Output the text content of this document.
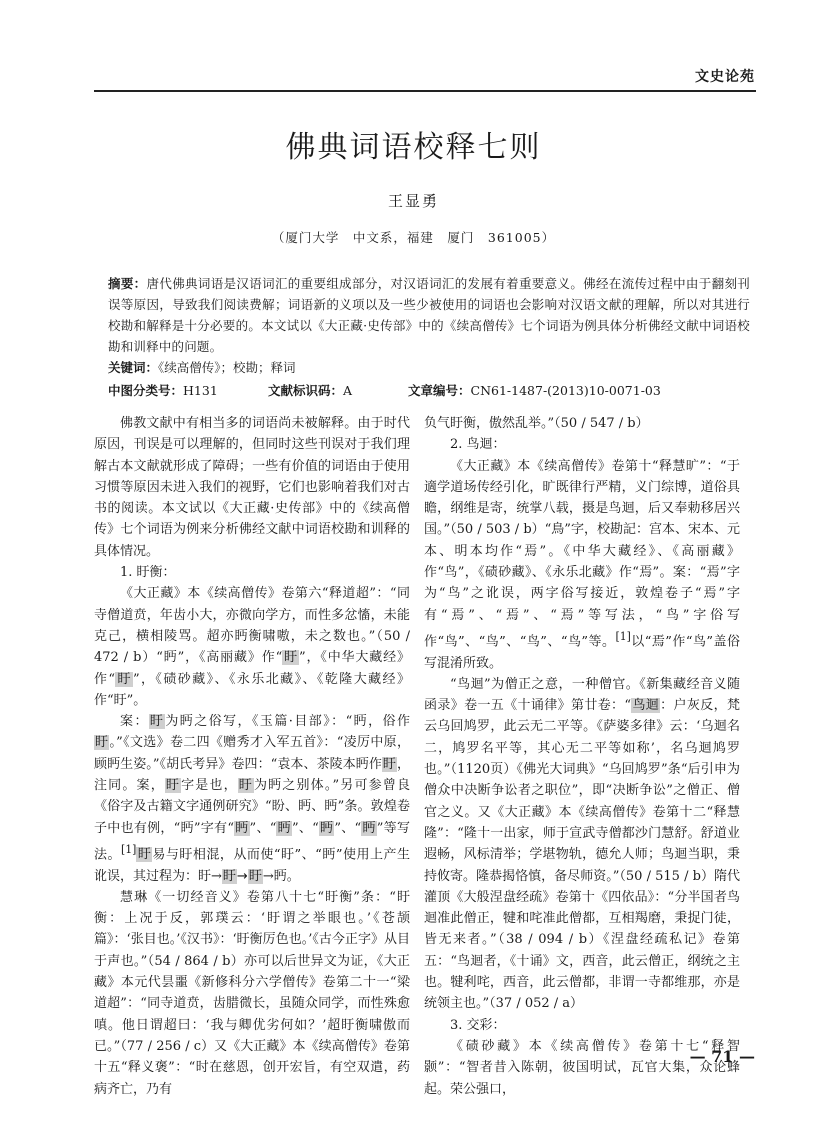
文史论苑
佛典词语校释七则
王显勇
（厦门大学　中文系，福建　厦门　361005）
摘要：唐代佛典词语是汉语词汇的重要组成部分，对汉语词汇的发展有着重要意义。佛经在流传过程中由于翻刻刊误等原因，导致我们阅读费解；词语新的义项以及一些少被使用的词语也会影响对汉语文献的理解，所以对其进行校勘和解释是十分必要的。本文试以《大正藏·史传部》中的《续高僧传》七个词语为例具体分析佛经文献中词语校勘和训释中的问题。
关键词：《续高僧传》；校勘；释词
中图分类号：H131	文献标识码：A	文章编号：CN61-1487-(2013)10-0071-03

佛教文献中有相当多的词语尚未被解释。由于时代原因，刊误是可以理解的，但同时这些刊误对于我们理解古本文献就形成了障碍；一些有价值的词语由于使用习惯等原因未进入我们的视野，它们也影响着我们对古书的阅读。本文试以《大正藏·史传部》中的《续高僧传》七个词语为例来分析佛经文献中词语校勘和训释的具体情况。

1. 盱衡：

《大正藏》本《续高僧传》卷第六“释道超”：“同寺僧道贲，年齿小大，亦微向学方，而性多忿慉，未能克己，横相陵骂。超亦眄衡啸嗷，未之数也。”（50 / 472 / b）“眄”，《高丽藏》作“盱”，《中华大藏经》作“盱”，《碛砂藏》、《永乐北藏》、《乾隆大藏经》作“盱”。

案：盱为眄之俗写，《玉篇·目部》：“眄，俗作盱。”《文选》卷二四《赠秀才入军五首》：“凌厉中原，顾眄生姿。”《胡氏考异》卷四：“袁本、茶陵本眄作盱，注同。案，盱字是也，盱为眄之别体。”另可参曾良《俗字及古籍文字通例研究》“盼、眄、眄”条。敦煌卷子中也有例，“眄”字有“眄”、“眄”、“眄”、“眄”等写法。[1]盱易与盱相混，从而使“盱”、“眄”使用上产生讹误，其过程为：盱→盱→盱→眄。

慧琳《一切经音义》卷第八十七“盱衡”条：“盱衡：上况于反，郭璞云：‘盱谓之举眼也。’《苍颉篇》：‘张目也。’《汉书》：‘盱衡厉色也。’《古今正字》从目于声也。”（54 / 864 / b）亦可以后世异文为证，《大正藏》本元代昙噩《新修科分六学僧传》卷第二十一“梁道超”：“同寺道贲，齿腊微长，虽随众同学，而性殊愈嗔。他日谓超曰：‘我与卿优劣何如？’超盱衡啸傲而已。”（77 / 256 / c）又《大正藏》本《续高僧传》卷第十五“释义褒”：“时在慈恩，创开宏旨，有空双遣，药病齐亡，乃有

负气盱衡，傲然乱举。”（50 / 547 / b）

2. 鸟迴：

《大正藏》本《续高僧传》卷第十“释慧旷”：“于適学道场传经引化，旷既律行严精，义门综博，道俗具瞻，纲维是寄，统掌八载，摄是鸟迴，后又奉勅移居兴国。”（50 / 503 / b）“鳥”字，校勘記：宫本、宋本、元本、明本均作“焉”。《中华大藏经》、《高丽藏》作“鸟”，《碛砂藏》、《永乐北藏》作“焉”。案：“焉”字为“鸟”之讹误，两字俗写接近，敦煌卷子“焉”字有“焉”、“焉”、“焉”等写法，“鸟”字俗写作“鸟”、“鸟”、“鸟”、“鸟”等。[1]以“焉”作“鸟”盖俗写混淆所致。

“鸟迴”为僧正之意，一种僧官。《新集藏经音义随函录》卷一五《十诵律》第廿卷：“鸟迴：户灰反，梵云乌回鸠罗，此云无二平等。《萨婆多律》云：‘乌迴名二，鸠罗名平等，其心无二平等如称’，名乌迴鸠罗也。”（1120页）《佛光大词典》“乌回鸠罗”条“后引申为僧众中决断争讼者之职位”，即“决断争讼”之僧正、僧官之义。又《大正藏》本《续高僧传》卷第十二“释慧隆”：“隆十一出家，师于宣武寺僧都沙门慧舒。舒道业遐畅，风标清举；学堪物轨，德允人师；鸟迴当职，秉持攸寄。隆恭揭恪慎，备尽师资。”（50 / 515 / b）隋代灌顶《大般涅盘经疏》卷第十《四依品》：“分半国者鸟迴准此僧正，犍和咤准此僧都，互相羯磨，秉捉门徒，皆无来者。”（38 / 094 / b）《涅盘经疏私记》卷第五：“鸟迴者，《十诵》文，西音，此云僧正，纲统之主也。犍利咤，西音，此云僧都，非谓一寺都维那，亦是统领主也。”（37 / 052 / a）

3. 交彩：

《碛砂藏》本《续高僧传》卷第十七“释智颢”：“智者昔入陈朝，彼国明试，瓦官大集，众论蜂起。荣公强口，

— 71 —
